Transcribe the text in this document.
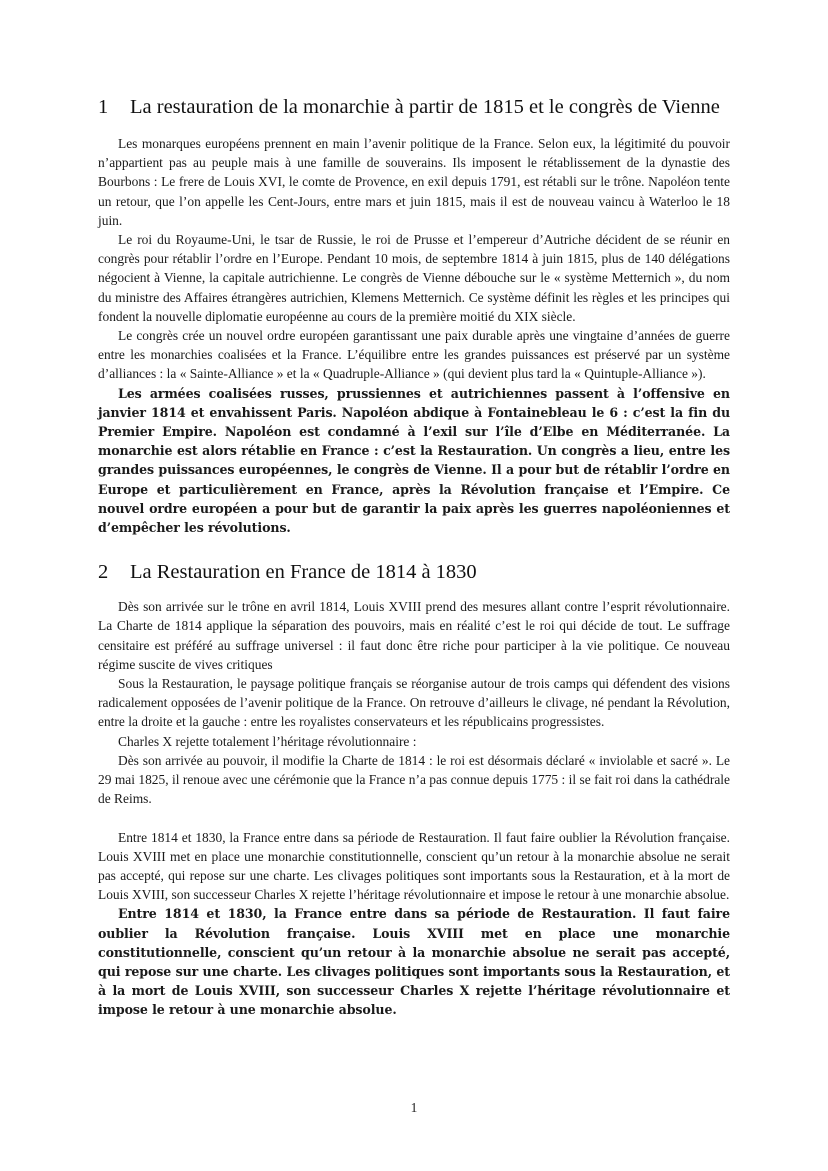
1	La restauration de la monarchie à partir de 1815 et le congrès de Vienne

Les monarques européens prennent en main l’avenir politique de la France. Selon eux, la légitimité du pouvoir n’appartient pas au peuple mais à une famille de souverains. Ils imposent le rétablissement de la dynastie des Bourbons : Le frere de Louis XVI, le comte de Provence, en exil depuis 1791, est rétabli sur le trône. Napoléon tente un retour, que l’on appelle les Cent-Jours, entre mars et juin 1815, mais il est de nouveau vaincu à Waterloo le 18 juin.

Le roi du Royaume-Uni, le tsar de Russie, le roi de Prusse et l’empereur d’Autriche décident de se réunir en congrès pour rétablir l’ordre en l’Europe. Pendant 10 mois, de septembre 1814 à juin 1815, plus de 140 délégations négocient à Vienne, la capitale autrichienne. Le congrès de Vienne débouche sur le « système Metternich », du nom du ministre des Affaires étrangères autrichien, Klemens Metternich. Ce système définit les règles et les principes qui fondent la nouvelle diplomatie européenne au cours de la première moitié du XIX siècle.

Le congrès crée un nouvel ordre européen garantissant une paix durable après une vingtaine d’années de guerre entre les monarchies coalisées et la France. L’équilibre entre les grandes puissances est préservé par un système d’alliances : la « Sainte-Alliance » et la « Quadruple-Alliance » (qui devient plus tard la « Quintuple-Alliance »).

Les armées coalisées russes, prussiennes et autrichiennes passent à l’offensive en janvier 1814 et envahissent Paris. Napoléon abdique à Fontainebleau le 6 : c’est la fin du Premier Empire. Napoléon est condamné à l’exil sur l’île d’Elbe en Méditerranée. La monarchie est alors rétablie en France : c’est la Restauration. Un congrès a lieu, entre les grandes puissances européennes, le congrès de Vienne. Il a pour but de rétablir l’ordre en Europe et particulièrement en France, après la Révolution française et l’Empire. Ce nouvel ordre européen a pour but de garantir la paix après les guerres napoléoniennes et d’empêcher les révolutions.

2	La Restauration en France de 1814 à 1830

Dès son arrivée sur le trône en avril 1814, Louis XVIII prend des mesures allant contre l’esprit révolutionnaire. La Charte de 1814 applique la séparation des pouvoirs, mais en réalité c’est le roi qui décide de tout. Le suffrage censitaire est préféré au suffrage universel : il faut donc être riche pour participer à la vie politique. Ce nouveau régime suscite de vives critiques

Sous la Restauration, le paysage politique français se réorganise autour de trois camps qui défendent des visions radicalement opposées de l’avenir politique de la France. On retrouve d’ailleurs le clivage, né pendant la Révolution, entre la droite et la gauche : entre les royalistes conservateurs et les républicains progressistes.

Charles X rejette totalement l’héritage révolutionnaire :

Dès son arrivée au pouvoir, il modifie la Charte de 1814 : le roi est désormais déclaré « inviolable et sacré ». Le 29 mai 1825, il renoue avec une cérémonie que la France n’a pas connue depuis 1775 : il se fait roi dans la cathédrale de Reims.

Entre 1814 et 1830, la France entre dans sa période de Restauration. Il faut faire oublier la Révolution française. Louis XVIII met en place une monarchie constitutionnelle, conscient qu’un retour à la monarchie absolue ne serait pas accepté, qui repose sur une charte. Les clivages politiques sont importants sous la Restauration, et à la mort de Louis XVIII, son successeur Charles X rejette l’héritage révolutionnaire et impose le retour à une monarchie absolue.

Entre 1814 et 1830, la France entre dans sa période de Restauration. Il faut faire oublier la Révolution française. Louis XVIII met en place une monarchie constitutionnelle, conscient qu’un retour à la monarchie absolue ne serait pas accepté, qui repose sur une charte. Les clivages politiques sont importants sous la Restauration, et à la mort de Louis XVIII, son successeur Charles X rejette l’héritage révolutionnaire et impose le retour à une monarchie absolue.

1
